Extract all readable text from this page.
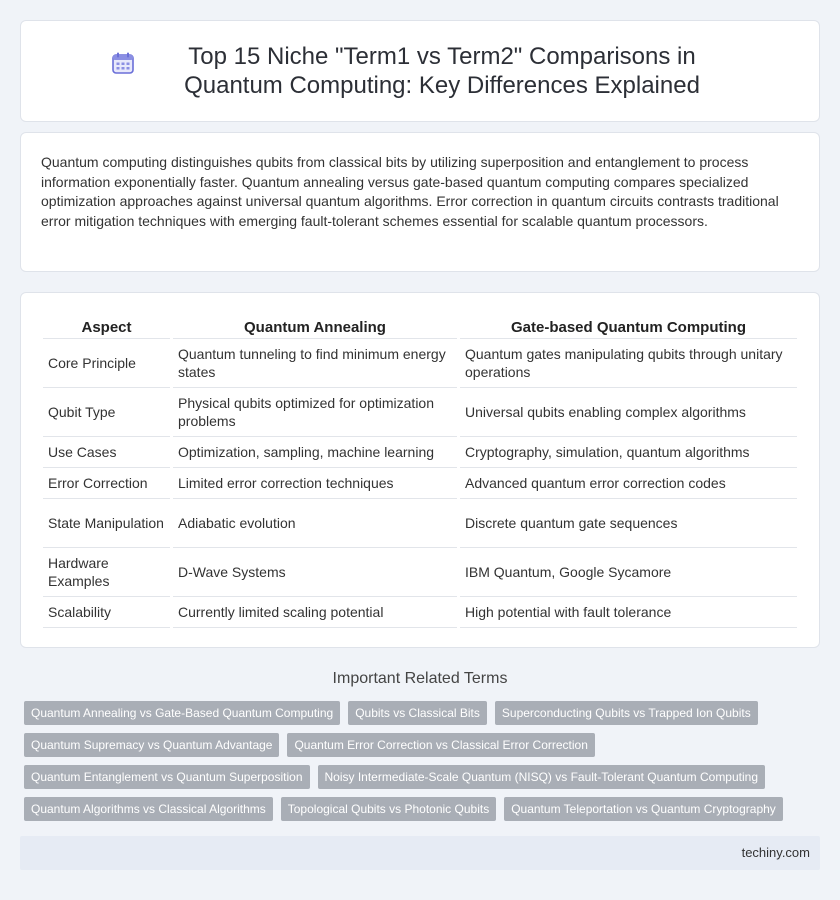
Top 15 Niche "Term1 vs Term2" Comparisons in Quantum Computing: Key Differences Explained

Quantum computing distinguishes qubits from classical bits by utilizing superposition and entanglement to process information exponentially faster. Quantum annealing versus gate-based quantum computing compares specialized optimization approaches against universal quantum algorithms. Error correction in quantum circuits contrasts traditional error mitigation techniques with emerging fault-tolerant schemes essential for scalable quantum processors.

Aspect	Quantum Annealing	Gate-based Quantum Computing
Core Principle	Quantum tunneling to find minimum energy states	Quantum gates manipulating qubits through unitary operations
Qubit Type	Physical qubits optimized for optimization problems	Universal qubits enabling complex algorithms
Use Cases	Optimization, sampling, machine learning	Cryptography, simulation, quantum algorithms
Error Correction	Limited error correction techniques	Advanced quantum error correction codes
State Manipulation	Adiabatic evolution	Discrete quantum gate sequences
Hardware Examples	D-Wave Systems	IBM Quantum, Google Sycamore
Scalability	Currently limited scaling potential	High potential with fault tolerance
Important Related Terms
Quantum Annealing vs Gate-Based Quantum Computing	Qubits vs Classical Bits	Superconducting Qubits vs Trapped Ion Qubits
Quantum Supremacy vs Quantum Advantage	Quantum Error Correction vs Classical Error Correction
Quantum Entanglement vs Quantum Superposition	Noisy Intermediate-Scale Quantum (NISQ) vs Fault-Tolerant Quantum Computing
Quantum Algorithms vs Classical Algorithms	Topological Qubits vs Photonic Qubits	Quantum Teleportation vs Quantum Cryptography
techiny.com
